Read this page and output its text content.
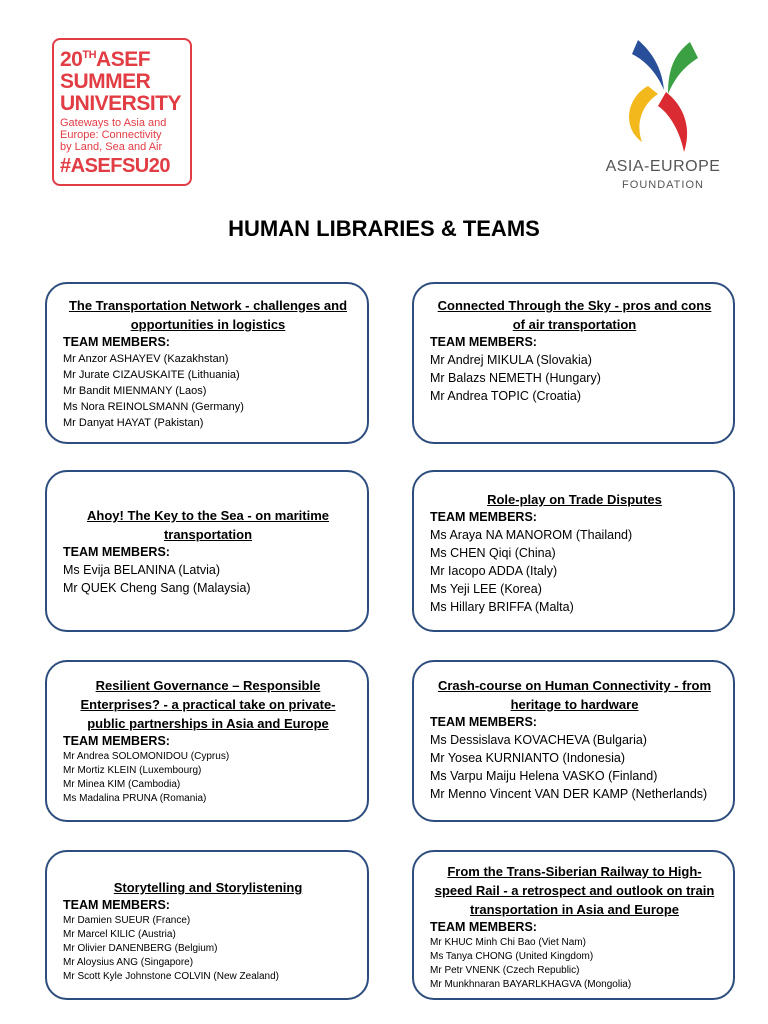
20THASEF
SUMMER
UNIVERSITY
Gateways to Asia and
Europe: Connectivity
by Land, Sea and Air
#ASEFSU20	ASIA-EUROPE
FOUNDATION
HUMAN LIBRARIES & TEAMS
The Transportation Network - challenges and opportunities in logistics
TEAM MEMBERS:
Mr Anzor ASHAYEV (Kazakhstan)
Mr Jurate CIZAUSKAITE (Lithuania)
Mr Bandit MIENMANY (Laos)
Ms Nora REINOLSMANN (Germany)
Mr Danyat HAYAT (Pakistan)
Connected Through the Sky - pros and cons of air transportation
TEAM MEMBERS:
Mr Andrej MIKULA (Slovakia)
Mr Balazs NEMETH (Hungary)
Mr Andrea TOPIC (Croatia)
Ahoy! The Key to the Sea - on maritime transportation
TEAM MEMBERS:
Ms Evija BELANINA (Latvia)
Mr QUEK Cheng Sang (Malaysia)
Role-play on Trade Disputes
TEAM MEMBERS:
Ms Araya NA MANOROM (Thailand)
Ms CHEN Qiqi (China)
Mr Iacopo ADDA (Italy)
Ms Yeji LEE (Korea)
Ms Hillary BRIFFA (Malta)
Resilient Governance – Responsible Enterprises? - a practical take on private-public partnerships in Asia and Europe
TEAM MEMBERS:
Mr Andrea SOLOMONIDOU (Cyprus)
Mr Mortiz KLEIN (Luxembourg)
Mr Minea KIM (Cambodia)
Ms Madalina PRUNA (Romania)
Crash-course on Human Connectivity - from heritage to hardware
TEAM MEMBERS:
Ms Dessislava KOVACHEVA (Bulgaria)
Mr Yosea KURNIANTO (Indonesia)
Ms Varpu Maiju Helena VASKO (Finland)
Mr Menno Vincent VAN DER KAMP (Netherlands)
Storytelling and Storylistening
TEAM MEMBERS:
Mr Damien SUEUR (France)
Mr Marcel KILIC (Austria)
Mr Olivier DANENBERG (Belgium)
Mr Aloysius ANG (Singapore)
Mr Scott Kyle Johnstone COLVIN (New Zealand)
From the Trans-Siberian Railway to High-speed Rail - a retrospect and outlook on train transportation in Asia and Europe
TEAM MEMBERS:
Mr KHUC Minh Chi Bao (Viet Nam)
Ms Tanya CHONG (United Kingdom)
Mr Petr VNENK (Czech Republic)
Mr Munkhnaran BAYARLKHAGVA (Mongolia)
